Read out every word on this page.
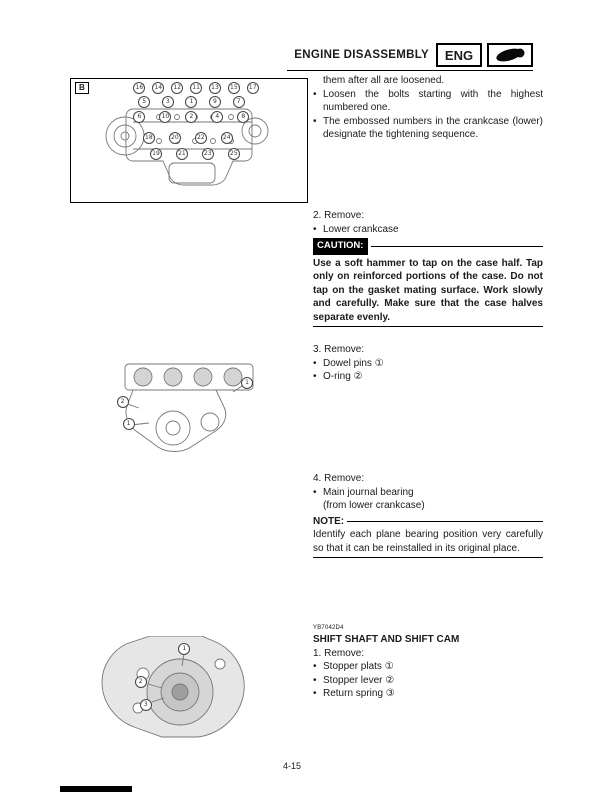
ENGINE DISASSEMBLY	ENG
B	16	14	12	11	13	15	17
5	3	1	9	7
6	10	2	4	8
18	20	22	24
19	21	23	25

them after all are loosened.

• Loosen the bolts starting with the highest numbered one.

• The embossed numbers in the crankcase (lower) designate the tightening sequence.

2. Remove:

• Lower crankcase

CAUTION:

Use a soft hammer to tap on the case half. Tap only on reinforced portions of the case. Do not tap on the gasket mating surface. Work slowly and carefully. Make sure that the case halves separate evenly.

3. Remove:

• Dowel pins ①

• O-ring ②

1
2
1

4. Remove:

• Main journal bearing

(from lower crankcase)

NOTE:

Identify each plane bearing position very carefully so that it can be reinstalled in its original place.

YB7042D4

SHIFT SHAFT AND SHIFT CAM

1. Remove:

• Stopper plats ①

• Stopper lever ②

• Return spring ③

1
2
3
4-15
